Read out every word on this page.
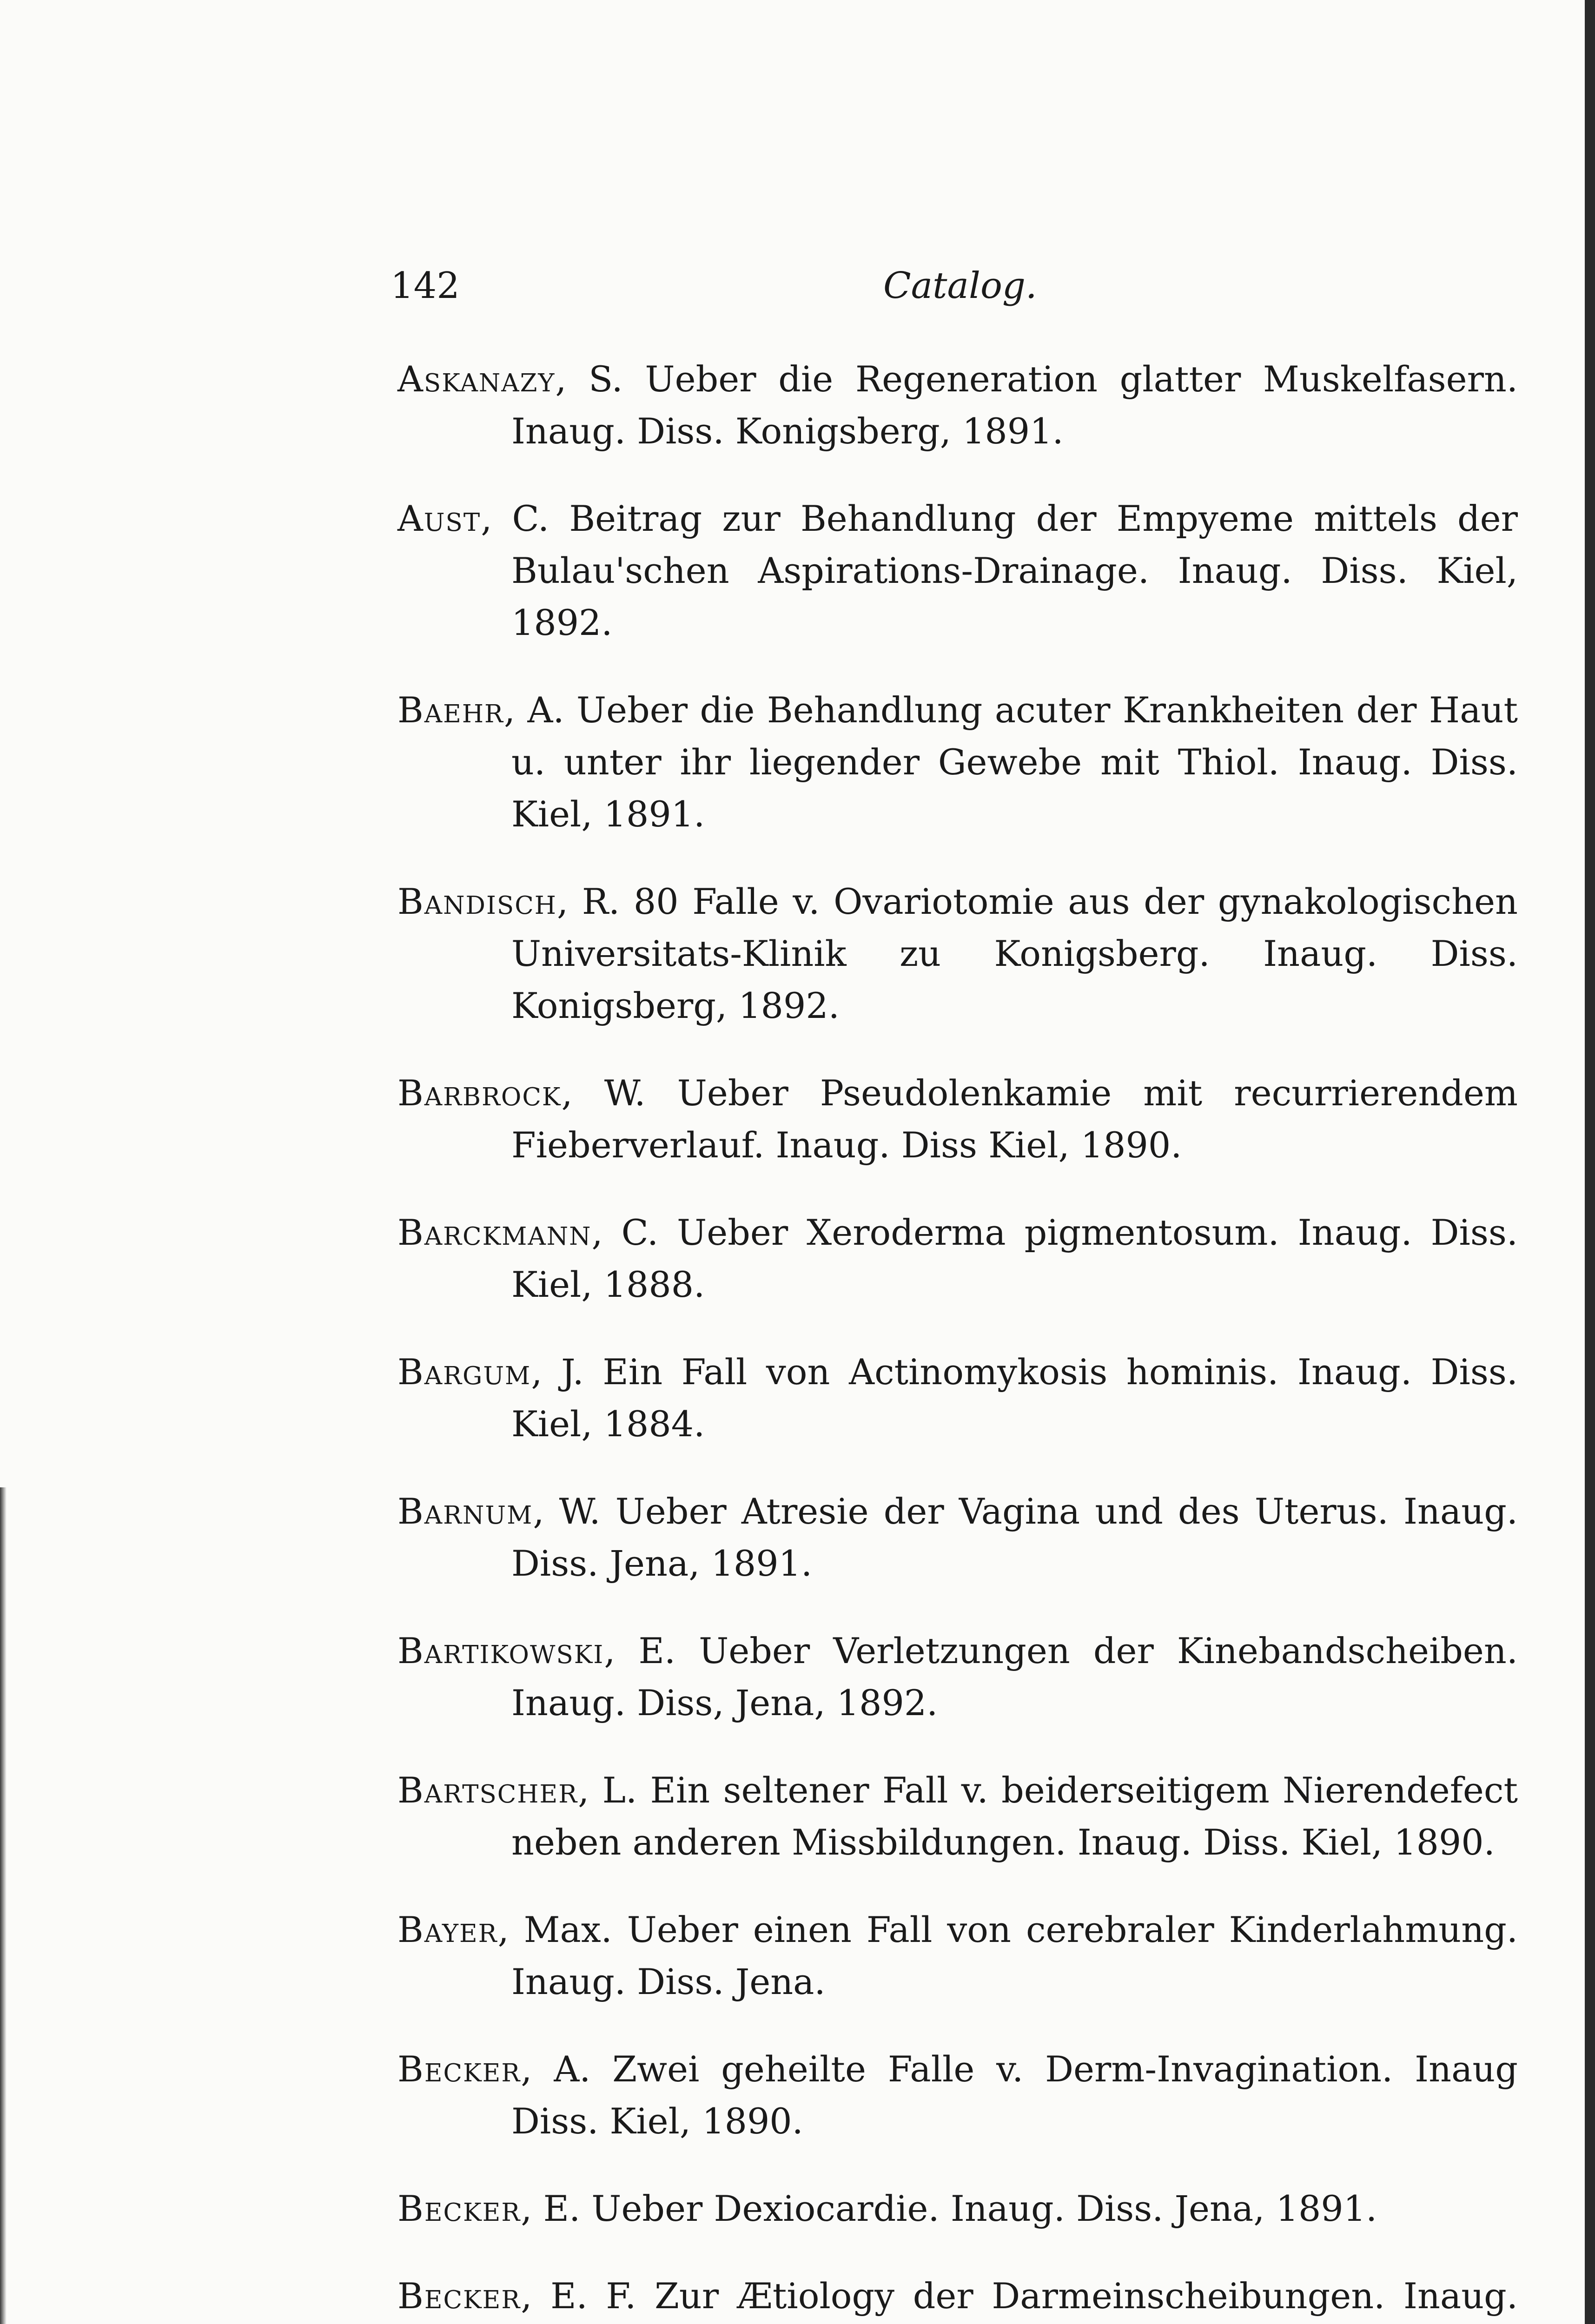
142	Catalog.

Askanazy, S. Ueber die Regeneration glatter Muskelfasern. Inaug. Diss. Konigsberg, 1891.

Aust, C. Beitrag zur Behandlung der Empyeme mittels der Bulau'schen Aspirations-Drainage. Inaug. Diss. Kiel, 1892.

Baehr, A. Ueber die Behandlung acuter Krankheiten der Haut u. unter ihr liegender Gewebe mit Thiol. Inaug. Diss. Kiel, 1891.

Bandisch, R. 80 Falle v. Ovariotomie aus der gynakologischen Universitats-Klinik zu Konigsberg. Inaug. Diss. Konigsberg, 1892.

Barbrock, W. Ueber Pseudolenkamie mit recurrierendem Fieberverlauf. Inaug. Diss Kiel, 1890.

Barckmann, C. Ueber Xeroderma pigmentosum. Inaug. Diss. Kiel, 1888.

Bargum, J. Ein Fall von Actinomykosis hominis. Inaug. Diss. Kiel, 1884.

Barnum, W. Ueber Atresie der Vagina und des Uterus. Inaug. Diss. Jena, 1891.

Bartikowski, E. Ueber Verletzungen der Kinebandscheiben. Inaug. Diss, Jena, 1892.

Bartscher, L. Ein seltener Fall v. beiderseitigem Nierendefect neben anderen Missbildungen. Inaug. Diss. Kiel, 1890.

Bayer, Max. Ueber einen Fall von cerebraler Kinderlahmung. Inaug. Diss. Jena.

Becker, A. Zwei geheilte Falle v. Derm-Invagination. Inaug Diss. Kiel, 1890.

Becker, E. Ueber Dexiocardie. Inaug. Diss. Jena, 1891.

Becker, E. F. Zur Ætiology der Darmeinscheibungen. Inaug.
